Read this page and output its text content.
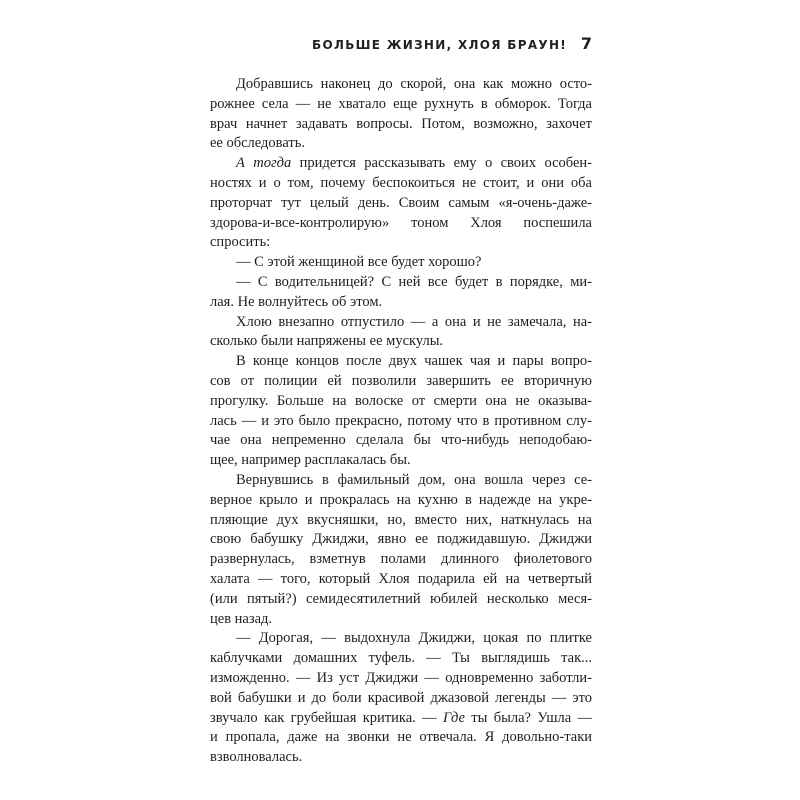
БОЛЬШЕ ЖИЗНИ, ХЛОЯ БРАУН! 7
Добравшись наконец до скорой, она как можно осто-
рожнее села — не хватало еще рухнуть в обморок. Тогда
врач начнет задавать вопросы. Потом, возможно, захочет
ее обследовать.
А тогда придется рассказывать ему о своих особен-
ностях и о том, почему беспокоиться не стоит, и они оба
проторчат тут целый день. Своим самым «я-очень-даже-
здорова-и-все-контролирую» тоном Хлоя поспешила
спросить:
— С этой женщиной все будет хорошо?
— С водительницей? С ней все будет в порядке, ми-
лая. Не волнуйтесь об этом.
Хлою внезапно отпустило — а она и не замечала, на-
сколько были напряжены ее мускулы.
В конце концов после двух чашек чая и пары вопро-
сов от полиции ей позволили завершить ее вторичную
прогулку. Больше на волоске от смерти она не оказыва-
лась — и это было прекрасно, потому что в противном слу-
чае она непременно сделала бы что-нибудь неподобаю-
щее, например расплакалась бы.
Вернувшись в фамильный дом, она вошла через се-
верное крыло и прокралась на кухню в надежде на укре-
пляющие дух вкусняшки, но, вместо них, наткнулась на
свою бабушку Джиджи, явно ее поджидавшую. Джиджи
развернулась, взметнув полами длинного фиолетового
халата — того, который Хлоя подарила ей на четвертый
(или пятый?) семидесятилетний юбилей несколько меся-
цев назад.
— Дорогая, — выдохнула Джиджи, цокая по плитке
каблучками домашних туфель. — Ты выглядишь так...
изможденно. — Из уст Джиджи — одновременно заботли-
вой бабушки и до боли красивой джазовой легенды — это
звучало как грубейшая критика. — Где ты была? Ушла —
и пропала, даже на звонки не отвечала. Я довольно-таки
взволновалась.
